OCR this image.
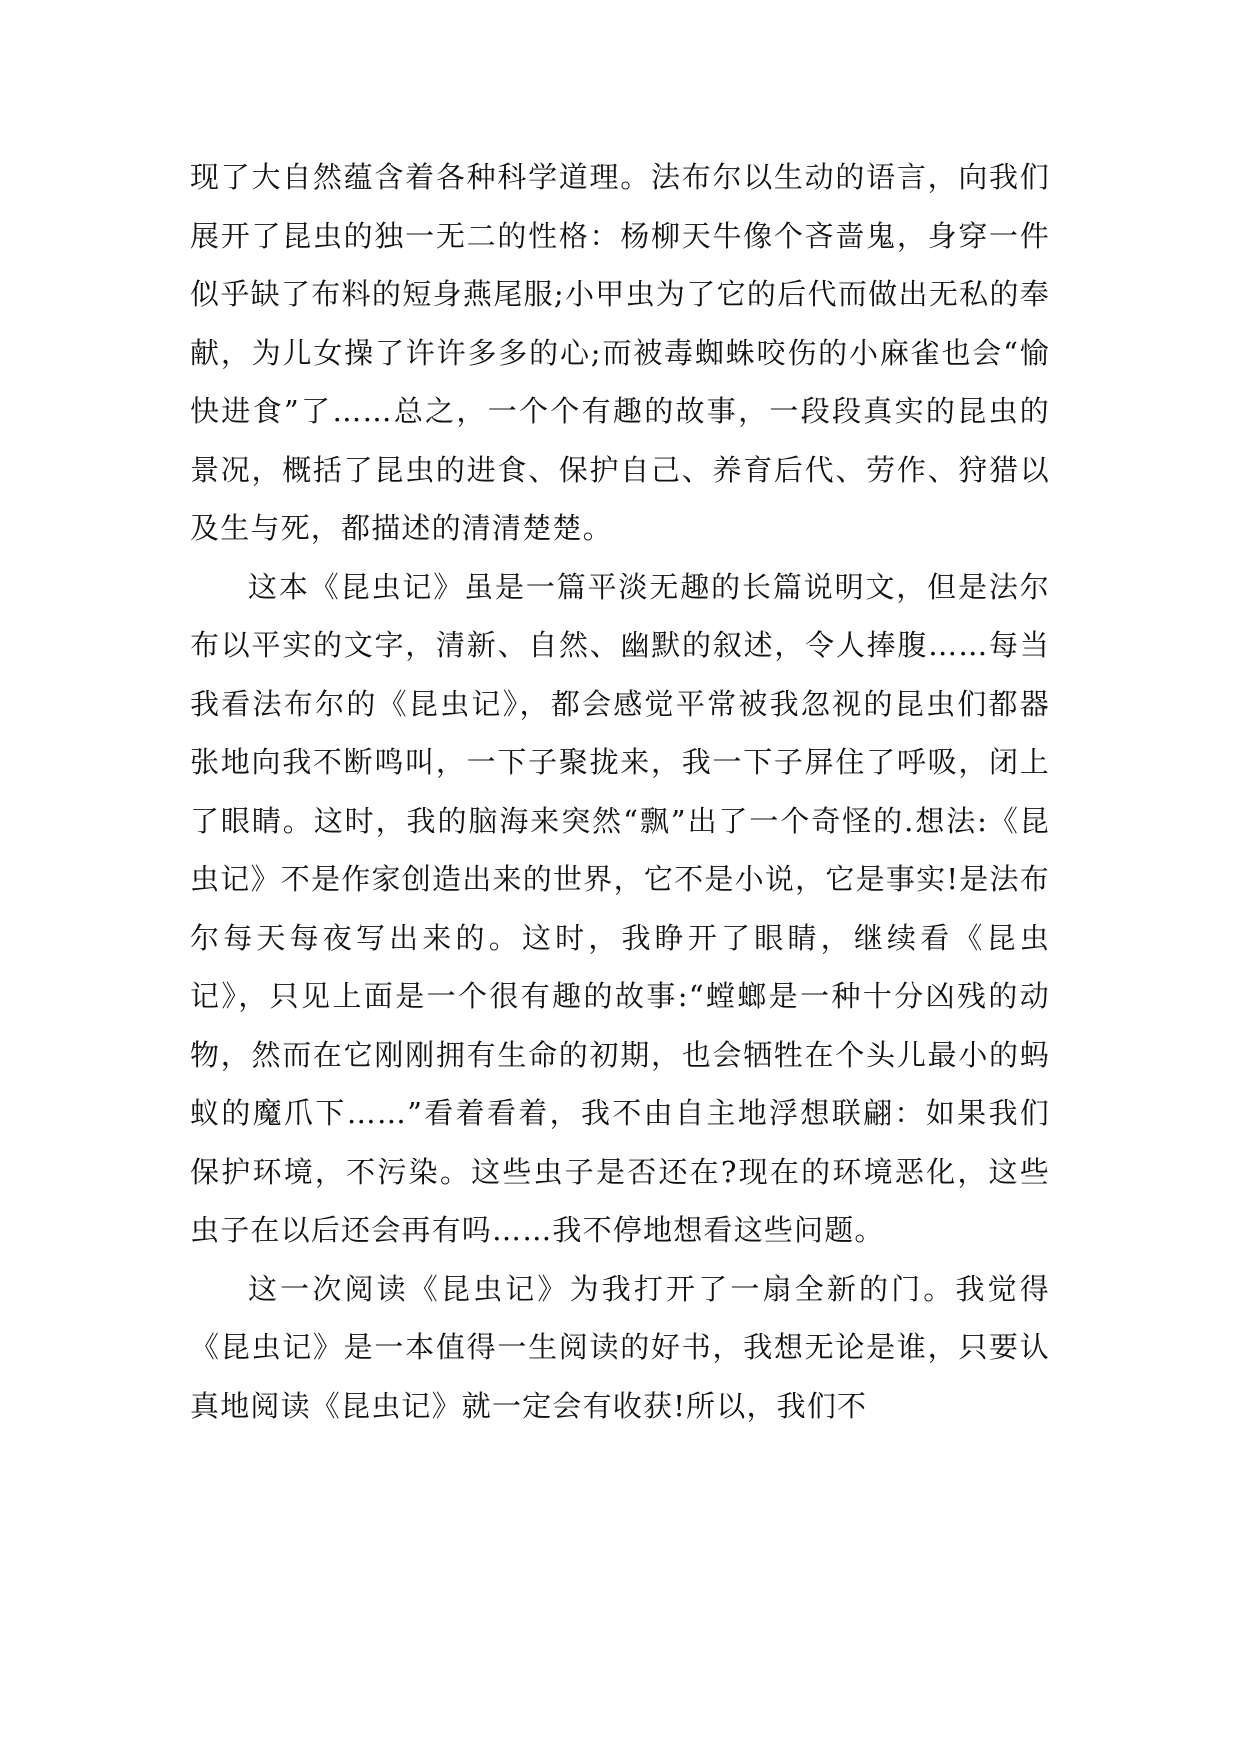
现了大自然蕴含着各种科学道理。法布尔以生动的语言，向我们展开了昆虫的独一无二的性格：杨柳天牛像个吝啬鬼，身穿一件似乎缺了布料的短身燕尾服;小甲虫为了它的后代而做出无私的奉献，为儿女操了许许多多的心;而被毒蜘蛛咬伤的小麻雀也会“愉快进食”了……总之，一个个有趣的故事，一段段真实的昆虫的景况，概括了昆虫的进食、保护自己、养育后代、劳作、狩猎以及生与死，都描述的清清楚楚。

这本《昆虫记》虽是一篇平淡无趣的长篇说明文，但是法尔布以平实的文字，清新、自然、幽默的叙述，令人捧腹……每当我看法布尔的《昆虫记》，都会感觉平常被我忽视的昆虫们都器张地向我不断鸣叫，一下子聚拢来，我一下子屏住了呼吸，闭上了眼睛。这时，我的脑海来突然“飘”出了一个奇怪的.想法:《昆虫记》不是作家创造出来的世界，它不是小说，它是事实!是法布尔每天每夜写出来的。这时，我睁开了眼睛，继续看《昆虫记》，只见上面是一个很有趣的故事:“螳螂是一种十分凶残的动物，然而在它刚刚拥有生命的初期，也会牺牲在个头儿最小的蚂蚁的魔爪下……”看着看着，我不由自主地浮想联翩：如果我们保护环境，不污染。这些虫子是否还在?现在的环境恶化，这些虫子在以后还会再有吗……我不停地想看这些问题。

这一次阅读《昆虫记》为我打开了一扇全新的门。我觉得《昆虫记》是一本值得一生阅读的好书，我想无论是谁，只要认真地阅读《昆虫记》就一定会有收获!所以，我们不
